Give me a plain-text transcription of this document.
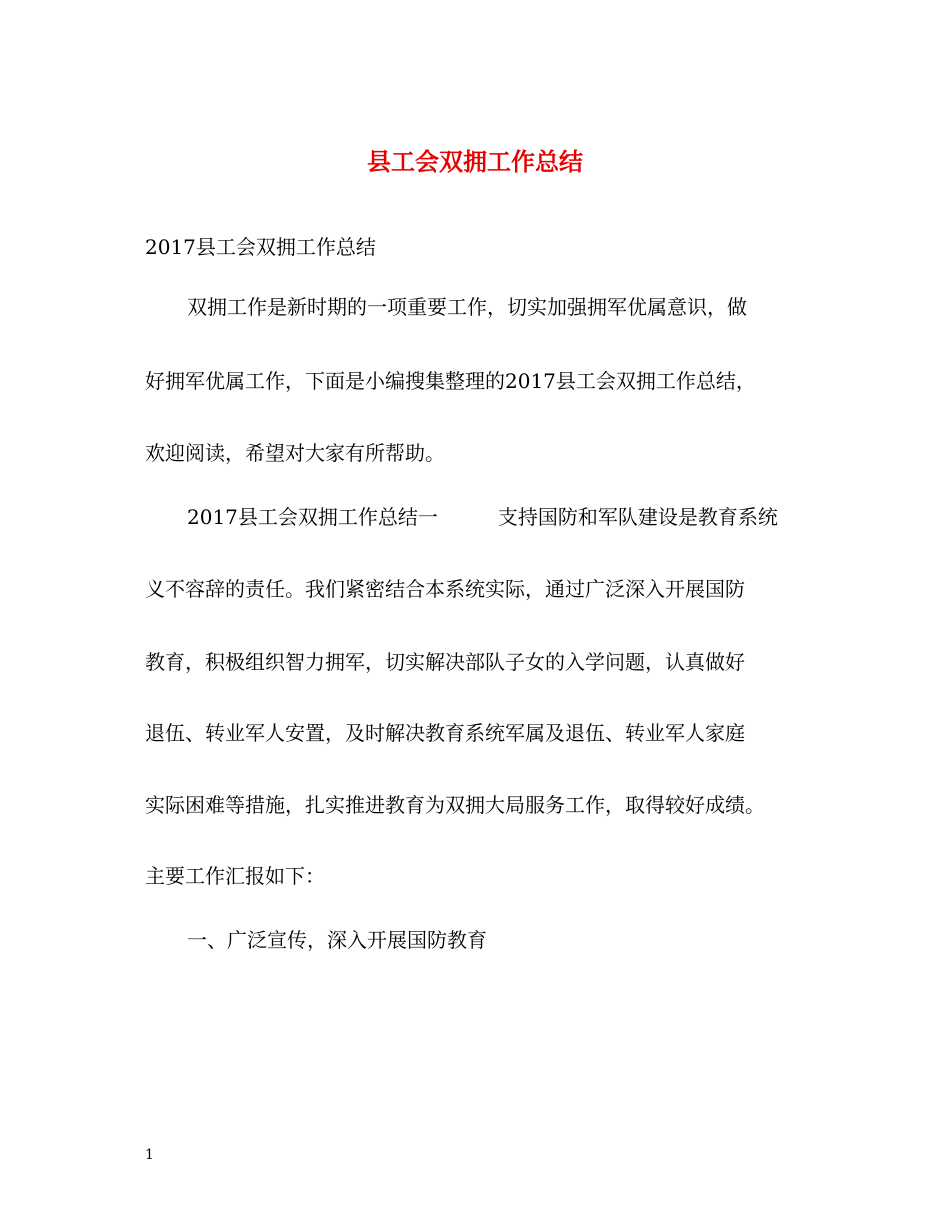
县工会双拥工作总结

2017县工会双拥工作总结

双拥工作是新时期的一项重要工作，切实加强拥军优属意识，做

好拥军优属工作，下面是小编搜集整理的2017县工会双拥工作总结，

欢迎阅读，希望对大家有所帮助。

2017县工会双拥工作总结一　　　支持国防和军队建设是教育系统

义不容辞的责任。我们紧密结合本系统实际，通过广泛深入开展国防

教育，积极组织智力拥军，切实解决部队子女的入学问题，认真做好

退伍、转业军人安置，及时解决教育系统军属及退伍、转业军人家庭

实际困难等措施，扎实推进教育为双拥大局服务工作，取得较好成绩。

主要工作汇报如下：

一、广泛宣传，深入开展国防教育

1
